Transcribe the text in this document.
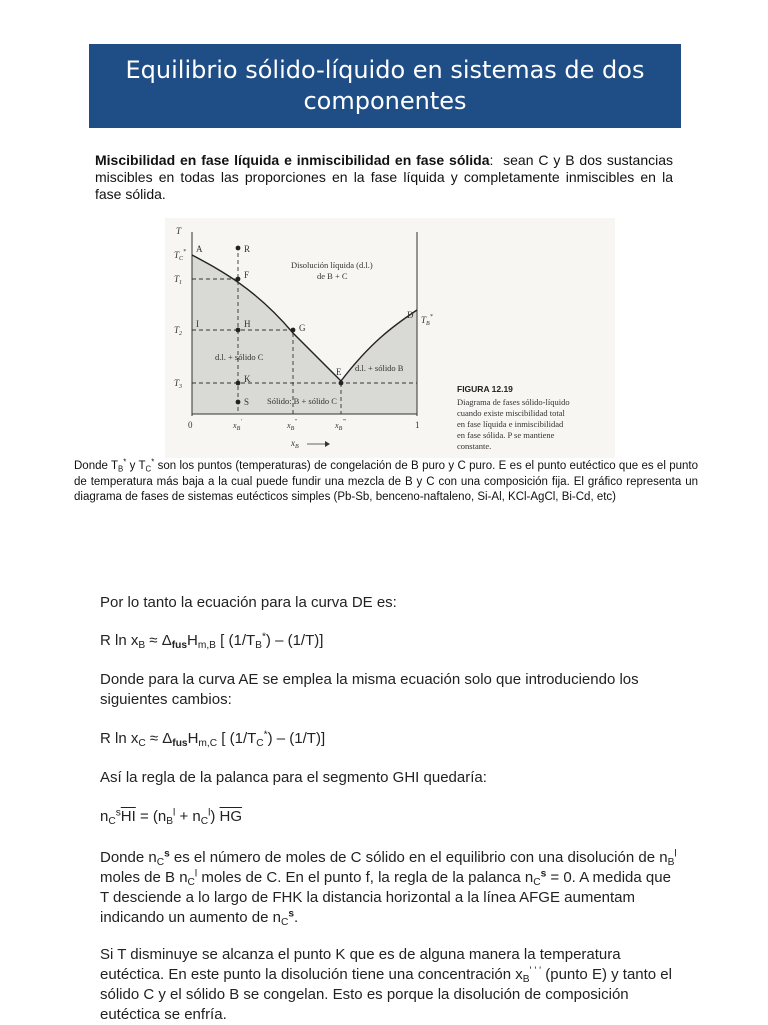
Equilibrio sólido-líquido en sistemas de dos componentes

Miscibilidad en fase líquida e inmiscibilidad en fase sólida:  sean C y B dos sustancias miscibles en todas las proporciones en la fase líquida y completamente inmiscibles en la fase sólida.

T
$T_C^*$
$T_1$
$T_2$
$T_3$
$T_B^*$
0	1
$x_B'$	$x_B''$	$x_B'''$
$x_B$
A	R
F
I	H	G
K
S
E
D
Disolución líquida (d.l.)
de B + C
d.l. + sólido C
d.l. + sólido B
Sólido: B + sólido C
FIGURA 12.19
Diagrama de fases sólido-líquido
cuando existe miscibilidad total
en fase líquida e inmiscibilidad
en fase sólida. P se mantiene
constante.

Donde $T_B^*$ y $T_C^*$ son los puntos (temperaturas) de congelación de B puro y C puro. E es el punto eutéctico que es el punto de temperatura más baja a la cual puede fundir una mezcla de B y C con una composición fija. El gráfico representa un diagrama de fases de sistemas eutécticos simples (Pb-Sb, benceno-naftaleno, Si-Al, KCl-AgCl, Bi-Cd, etc)

Por lo tanto la ecuación para la curva DE es:

R $\ln x_B \approx \Delta_{fus}H_{m,B}$ [ $(1/T_B^*) - (1/T)$]

Donde para la curva AE se emplea la misma ecuación solo que introduciendo los siguientes cambios:

R $\ln x_C \approx \Delta_{fus}H_{m,C}$ [ $(1/T_C^*) - (1/T)$]

Así la regla de la palanca para el segmento GHI quedaría:

$n_C^s\overline{HI} = (n_B^l + n_C^l)$ $\overline{HG}$

Donde $n_C^s$ es el número de moles de C sólido en el equilibrio con una disolución de $n_B^l$ moles de B $n_C^l$ moles de C. En el punto f, la regla de la palanca $n_C^s = 0$. A medida que T desciende a lo largo de FHK la distancia horizontal a la línea AFGE aumentam indicando un aumento de $n_C^s$.

Si T disminuye se alcanza el punto K que es de alguna manera la temperatura eutéctica. En este punto la disolución tiene una concentración $x_B^{' ' '}$ (punto E) y tanto el sólido C y el sólido B se congelan. Esto es porque la disolución de composición eutéctica se enfría.
